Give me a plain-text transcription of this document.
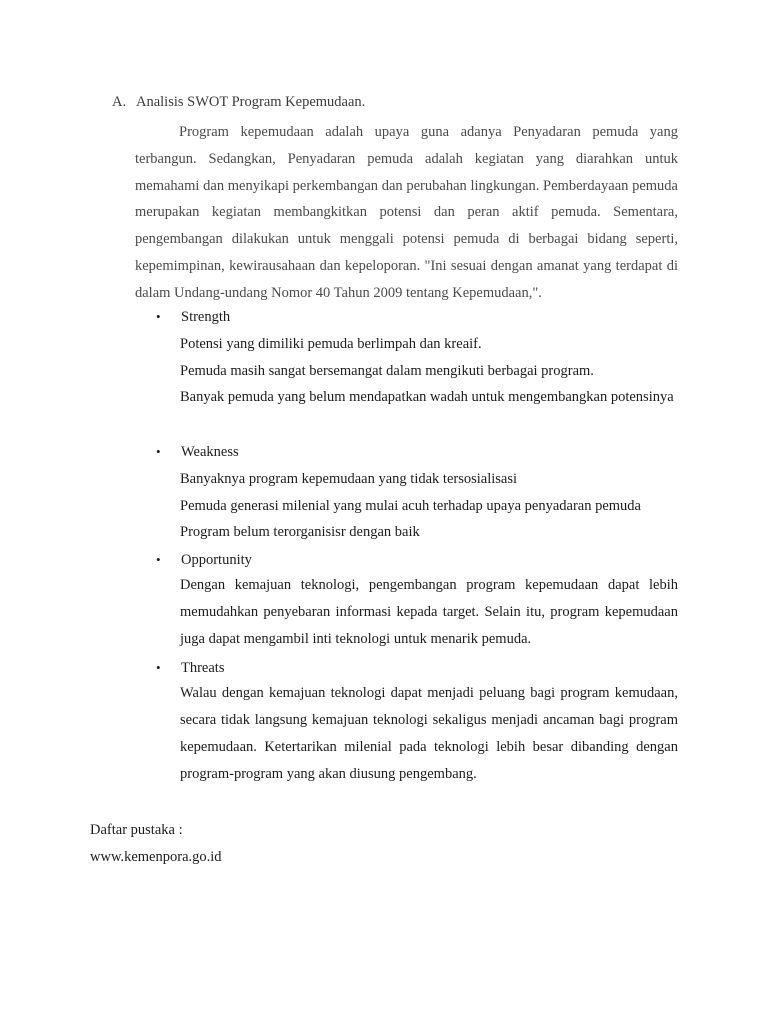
A. Analisis SWOT Program Kepemudaan.

Program kepemudaan adalah upaya guna adanya Penyadaran pemuda yang terbangun. Sedangkan, Penyadaran pemuda adalah kegiatan yang diarahkan untuk memahami dan menyikapi perkembangan dan perubahan lingkungan. Pemberdayaan pemuda merupakan kegiatan membangkitkan potensi dan peran aktif pemuda. Sementara, pengembangan dilakukan untuk menggali potensi pemuda di berbagai bidang seperti, kepemimpinan, kewirausahaan dan kepeloporan. "Ini sesuai dengan amanat yang terdapat di dalam Undang-undang Nomor 40 Tahun 2009 tentang Kepemudaan,".

• Strength
Potensi yang dimiliki pemuda berlimpah dan kreaif.
Pemuda masih sangat bersemangat dalam mengikuti berbagai program.

Banyak pemuda yang belum mendapatkan wadah untuk mengembangkan potensinya

• Weakness
Banyaknya program kepemudaan yang tidak tersosialisasi
Pemuda generasi milenial yang mulai acuh terhadap upaya penyadaran pemuda
Program belum terorganisisr dengan baik
• Opportunity

Dengan kemajuan teknologi, pengembangan program kepemudaan dapat lebih memudahkan penyebaran informasi kepada target. Selain itu, program kepemudaan juga dapat mengambil inti teknologi untuk menarik pemuda.

• Threats

Walau dengan kemajuan teknologi dapat menjadi peluang bagi program kemudaan, secara tidak langsung kemajuan teknologi sekaligus menjadi ancaman bagi program kepemudaan. Ketertarikan milenial pada teknologi lebih besar dibanding dengan program-program yang akan diusung pengembang.

Daftar pustaka :
www.kemenpora.go.id
